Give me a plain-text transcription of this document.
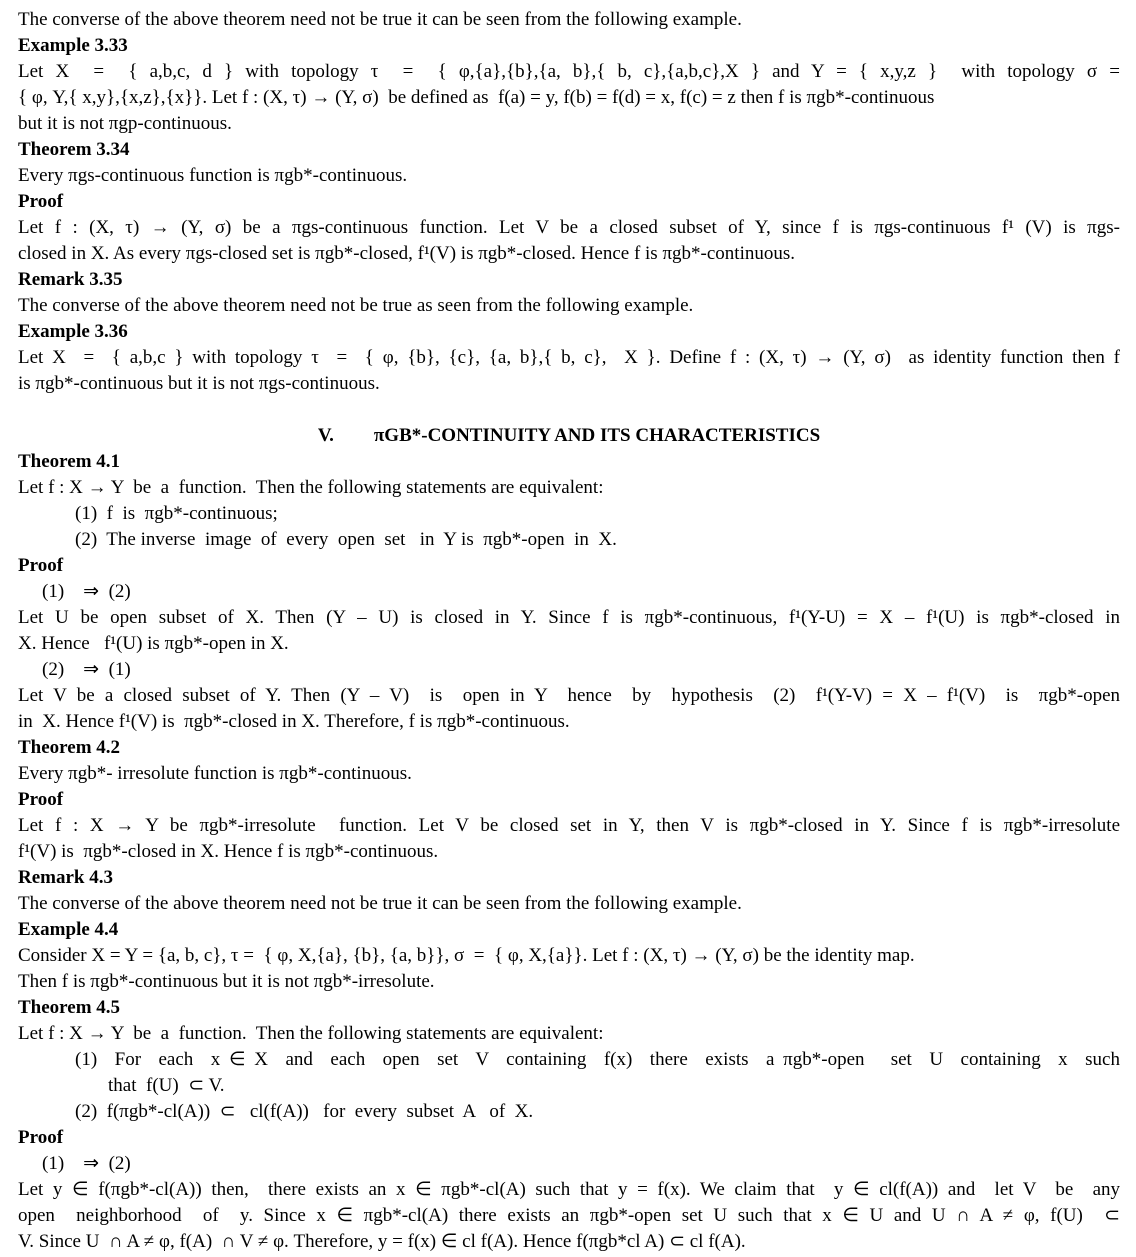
The converse of the above theorem need not be true it can be seen from the following example.
Example 3.33
Let X  =  { a,b,c, d } with topology τ  =  { φ,{a},{b},{a, b},{ b, c},{a,b,c},X } and Y = { x,y,z }  with topology σ =
{ φ, Y,{ x,y},{x,z},{x}}. Let f : (X, τ) → (Y, σ)  be defined as  f(a) = y, f(b) = f(d) = x, f(c) = z then f is πgb*-continuous
but it is not πgp-continuous.
Theorem 3.34
Every πgs-continuous function is πgb*-continuous.
Proof
Let f : (X, τ) → (Y, σ) be a πgs-continuous function. Let V be a closed subset of Y, since f is πgs-continuous f¹ (V) is πgs-
closed in X. As every πgs-closed set is πgb*-closed, f¹(V) is πgb*-closed. Hence f is πgb*-continuous.
Remark 3.35
The converse of the above theorem need not be true as seen from the following example.
Example 3.36
Let X  =  { a,b,c } with topology τ  =  { φ, {b}, {c}, {a, b},{ b, c},  X }. Define f : (X, τ) → (Y, σ)  as identity function then f
is πgb*-continuous but it is not πgs-continuous.
V. πGB*-CONTINUITY AND ITS CHARACTERISTICS
Theorem 4.1
Let f : X → Y  be  a  function.  Then the following statements are equivalent:
(1)  f  is  πgb*-continuous;
(2)  The inverse  image  of  every  open  set   in  Y is  πgb*-open  in  X.
Proof
(1)    ⇒  (2)
Let U be open subset of X. Then (Y – U) is closed in Y. Since f is πgb*-continuous, f¹(Y-U) = X – f¹(U) is πgb*-closed in
X. Hence   f¹(U) is πgb*-open in X.
(2)    ⇒  (1)
Let V be a closed subset of Y. Then (Y – V)  is  open in Y  hence  by  hypothesis  (2)  f¹(Y-V) = X – f¹(V)  is  πgb*-open
in  X. Hence f¹(V) is  πgb*-closed in X. Therefore, f is πgb*-continuous.
Theorem 4.2
Every πgb*- irresolute function is πgb*-continuous.
Proof
Let f : X → Y be πgb*-irresolute  function. Let V be closed set in Y, then V is πgb*-closed in Y. Since f is πgb*-irresolute
f¹(V) is  πgb*-closed in X. Hence f is πgb*-continuous.
Remark 4.3
The converse of the above theorem need not be true it can be seen from the following example.
Example 4.4
Consider X = Y = {a, b, c}, τ =  { φ, X,{a}, {b}, {a, b}}, σ  =  { φ, X,{a}}. Let f : (X, τ) → (Y, σ) be the identity map.
Then f is πgb*-continuous but it is not πgb*-irresolute.
Theorem 4.5
Let f : X → Y  be  a  function.  Then the following statements are equivalent:
(1)  For  each  x ∈ X  and  each  open  set  V  containing  f(x)  there  exists  a πgb*-open   set  U  containing  x  such
that  f(U)  ⊂ V.
(2)  f(πgb*-cl(A))  ⊂   cl(f(A))   for  every  subset  A   of  X.
Proof
(1)    ⇒  (2)
Let y ∈ f(πgb*-cl(A)) then,  there exists an x ∈ πgb*-cl(A) such that y = f(x). We claim that  y ∈ cl(f(A)) and  let V  be  any
open  neighborhood  of  y. Since x ∈ πgb*-cl(A) there exists an πgb*-open set U such that x ∈ U and U ∩ A ≠ φ, f(U)  ⊂
V. Since U  ∩ A ≠ φ, f(A)  ∩ V ≠ φ. Therefore, y = f(x) ∈ cl f(A). Hence f(πgb*cl A) ⊂ cl f(A).
